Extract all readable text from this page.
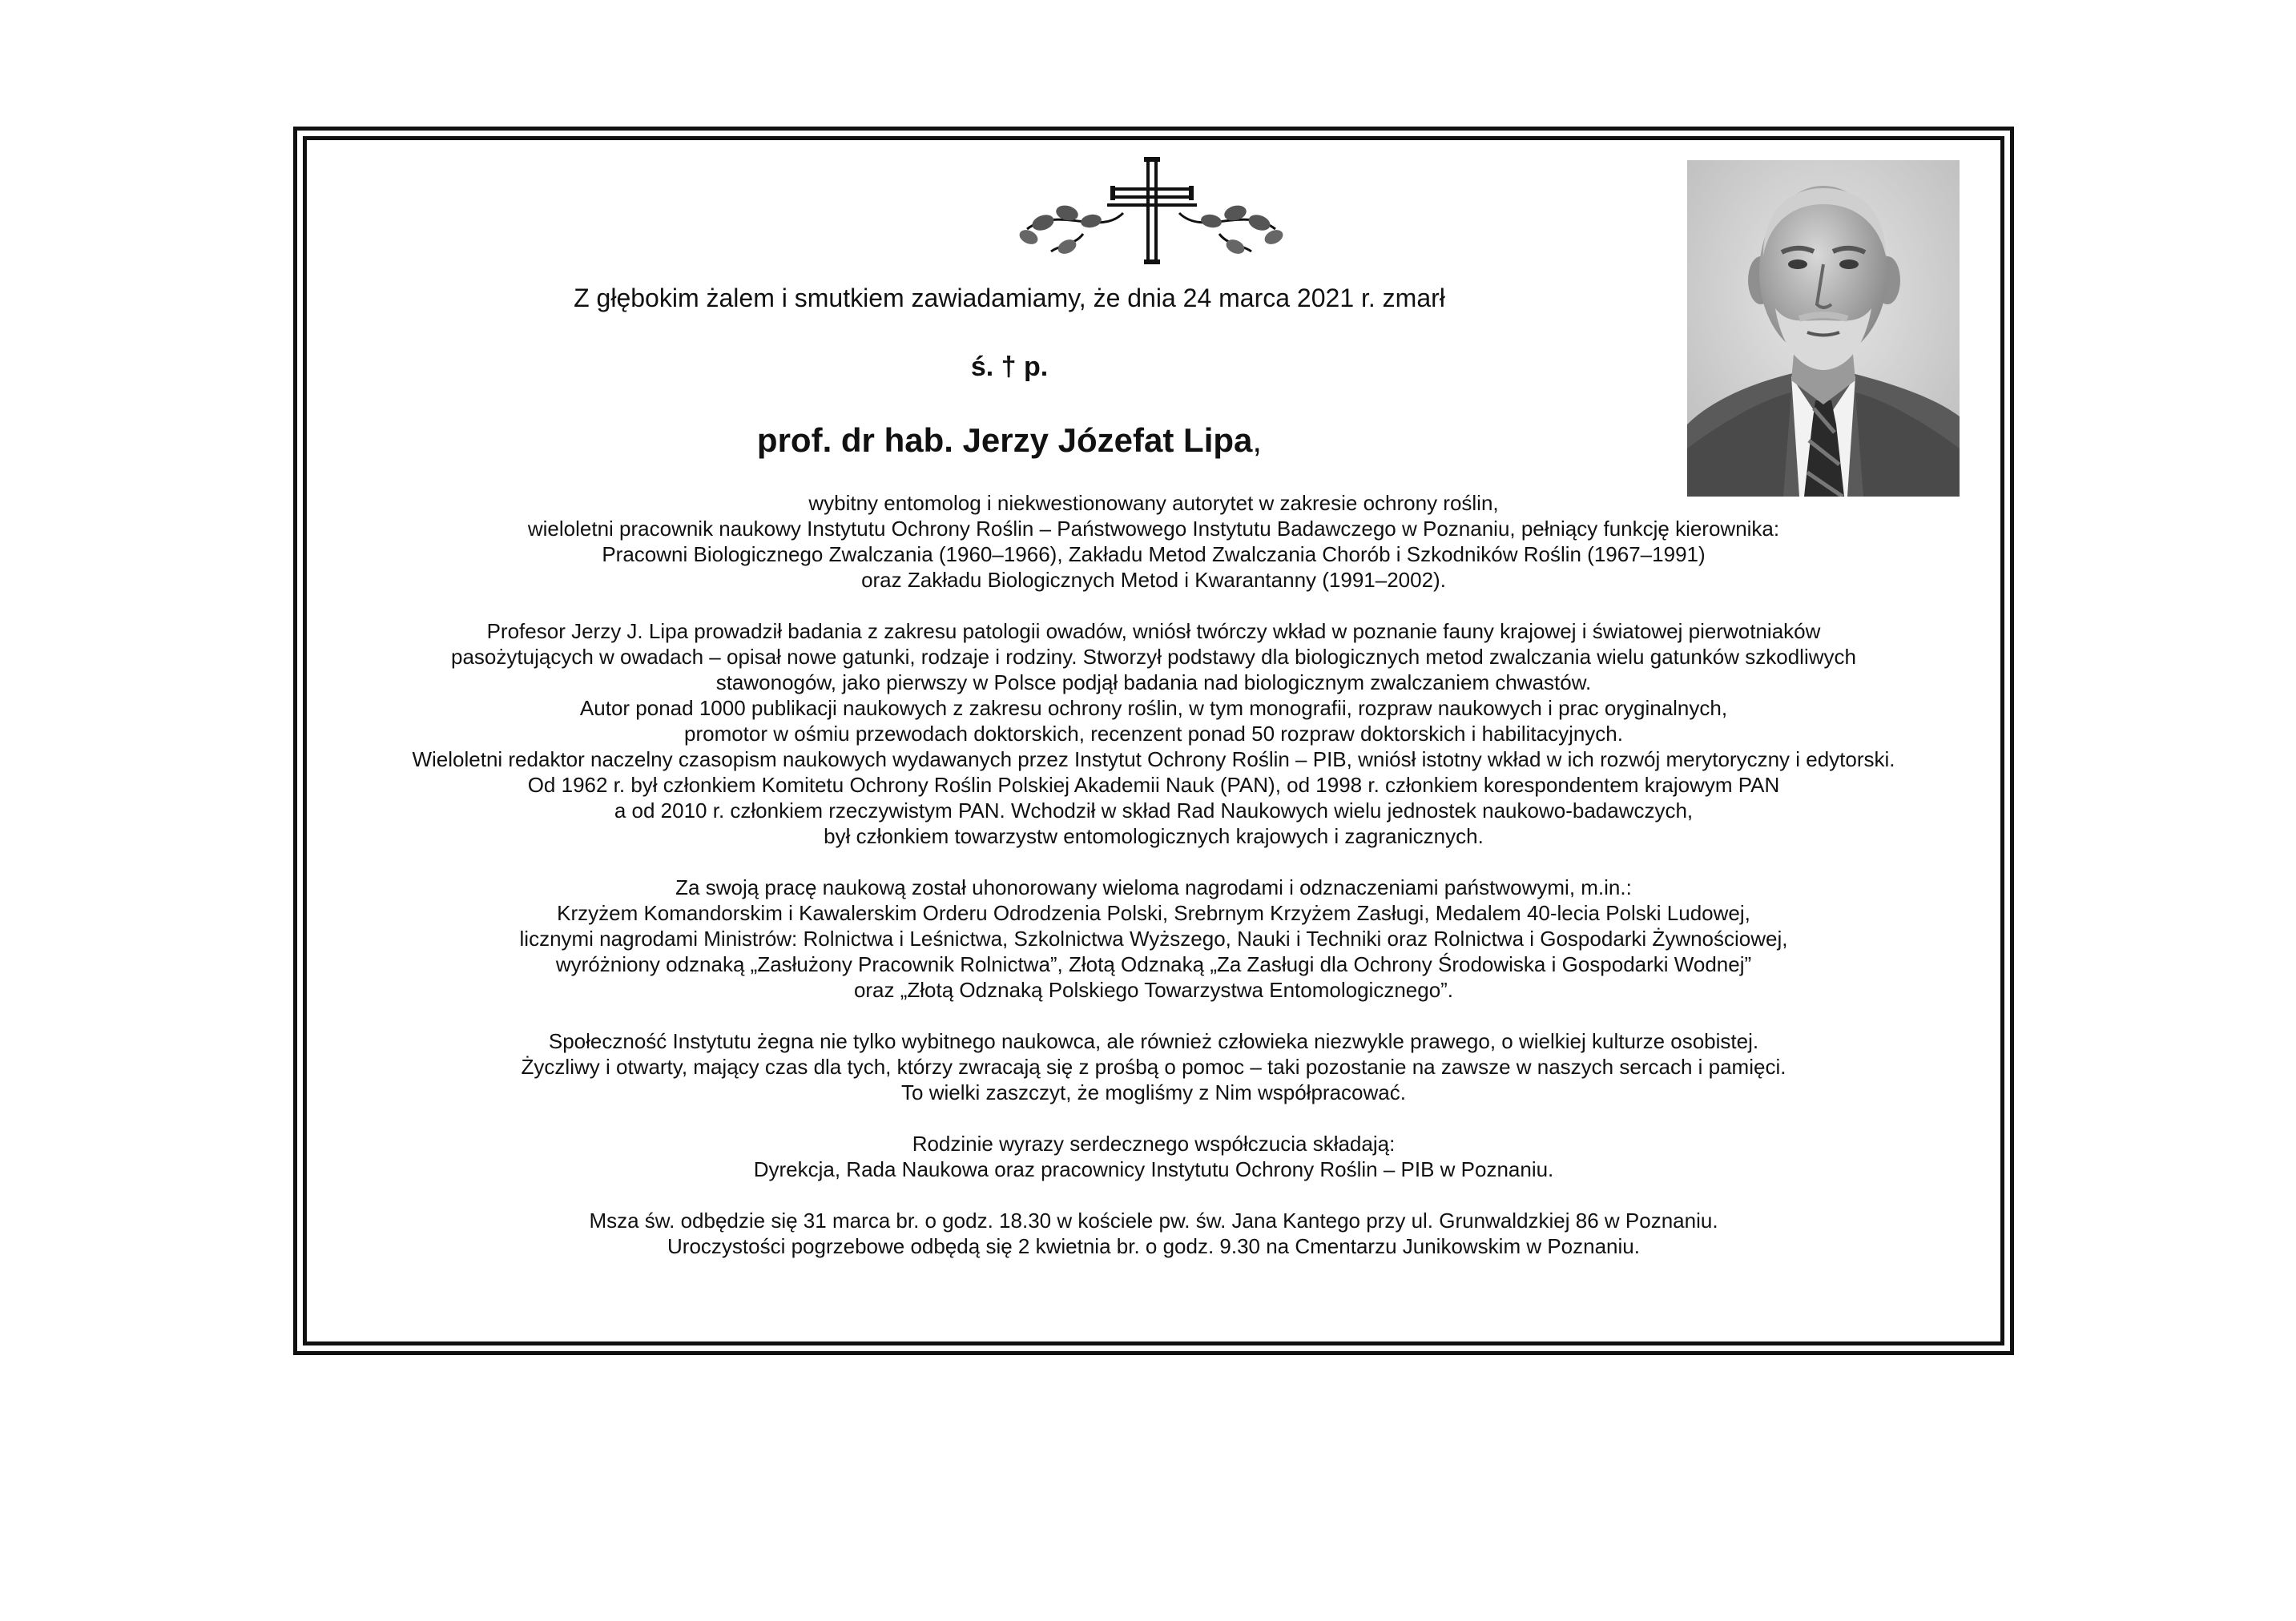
Z głębokim żalem i smutkiem zawiadamiamy, że dnia 24 marca 2021 r. zmarł
ś. † p.
prof. dr hab. Jerzy Józefat Lipa,

wybitny entomolog i niekwestionowany autorytet w zakresie ochrony roślin,
wieloletni pracownik naukowy Instytutu Ochrony Roślin – Państwowego Instytutu Badawczego w Poznaniu, pełniący funkcję kierownika:
Pracowni Biologicznego Zwalczania (1960–1966), Zakładu Metod Zwalczania Chorób i Szkodników Roślin (1967–1991)
oraz Zakładu Biologicznych Metod i Kwarantanny (1991–2002).

Profesor Jerzy J. Lipa prowadził badania z zakresu patologii owadów, wniósł twórczy wkład w poznanie fauny krajowej i światowej pierwotniaków
pasożytujących w owadach – opisał nowe gatunki, rodzaje i rodziny. Stworzył podstawy dla biologicznych metod zwalczania wielu gatunków szkodliwych
stawonogów, jako pierwszy w Polsce podjął badania nad biologicznym zwalczaniem chwastów.
Autor ponad 1000 publikacji naukowych z zakresu ochrony roślin, w tym monografii, rozpraw naukowych i prac oryginalnych,
promotor w ośmiu przewodach doktorskich, recenzent ponad 50 rozpraw doktorskich i habilitacyjnych.
Wieloletni redaktor naczelny czasopism naukowych wydawanych przez Instytut Ochrony Roślin – PIB, wniósł istotny wkład w ich rozwój merytoryczny i edytorski.
Od 1962 r. był członkiem Komitetu Ochrony Roślin Polskiej Akademii Nauk (PAN), od 1998 r. członkiem korespondentem krajowym PAN
a od 2010 r. członkiem rzeczywistym PAN. Wchodził w skład Rad Naukowych wielu jednostek naukowo-badawczych,
był członkiem towarzystw entomologicznych krajowych i zagranicznych.

Za swoją pracę naukową został uhonorowany wieloma nagrodami i odznaczeniami państwowymi, m.in.:
Krzyżem Komandorskim i Kawalerskim Orderu Odrodzenia Polski, Srebrnym Krzyżem Zasługi, Medalem 40-lecia Polski Ludowej,
licznymi nagrodami Ministrów: Rolnictwa i Leśnictwa, Szkolnictwa Wyższego, Nauki i Techniki oraz Rolnictwa i Gospodarki Żywnościowej,
wyróżniony odznaką „Zasłużony Pracownik Rolnictwa”, Złotą Odznaką „Za Zasługi dla Ochrony Środowiska i Gospodarki Wodnej”
oraz „Złotą Odznaką Polskiego Towarzystwa Entomologicznego”.

Społeczność Instytutu żegna nie tylko wybitnego naukowca, ale również człowieka niezwykle prawego, o wielkiej kulturze osobistej.
Życzliwy i otwarty, mający czas dla tych, którzy zwracają się z prośbą o pomoc – taki pozostanie na zawsze w naszych sercach i pamięci.
To wielki zaszczyt, że mogliśmy z Nim współpracować.

Rodzinie wyrazy serdecznego współczucia składają:
Dyrekcja, Rada Naukowa oraz pracownicy Instytutu Ochrony Roślin – PIB w Poznaniu.

Msza św. odbędzie się 31 marca br. o godz. 18.30 w kościele pw. św. Jana Kantego przy ul. Grunwaldzkiej 86 w Poznaniu.
Uroczystości pogrzebowe odbędą się 2 kwietnia br. o godz. 9.30 na Cmentarzu Junikowskim w Poznaniu.
